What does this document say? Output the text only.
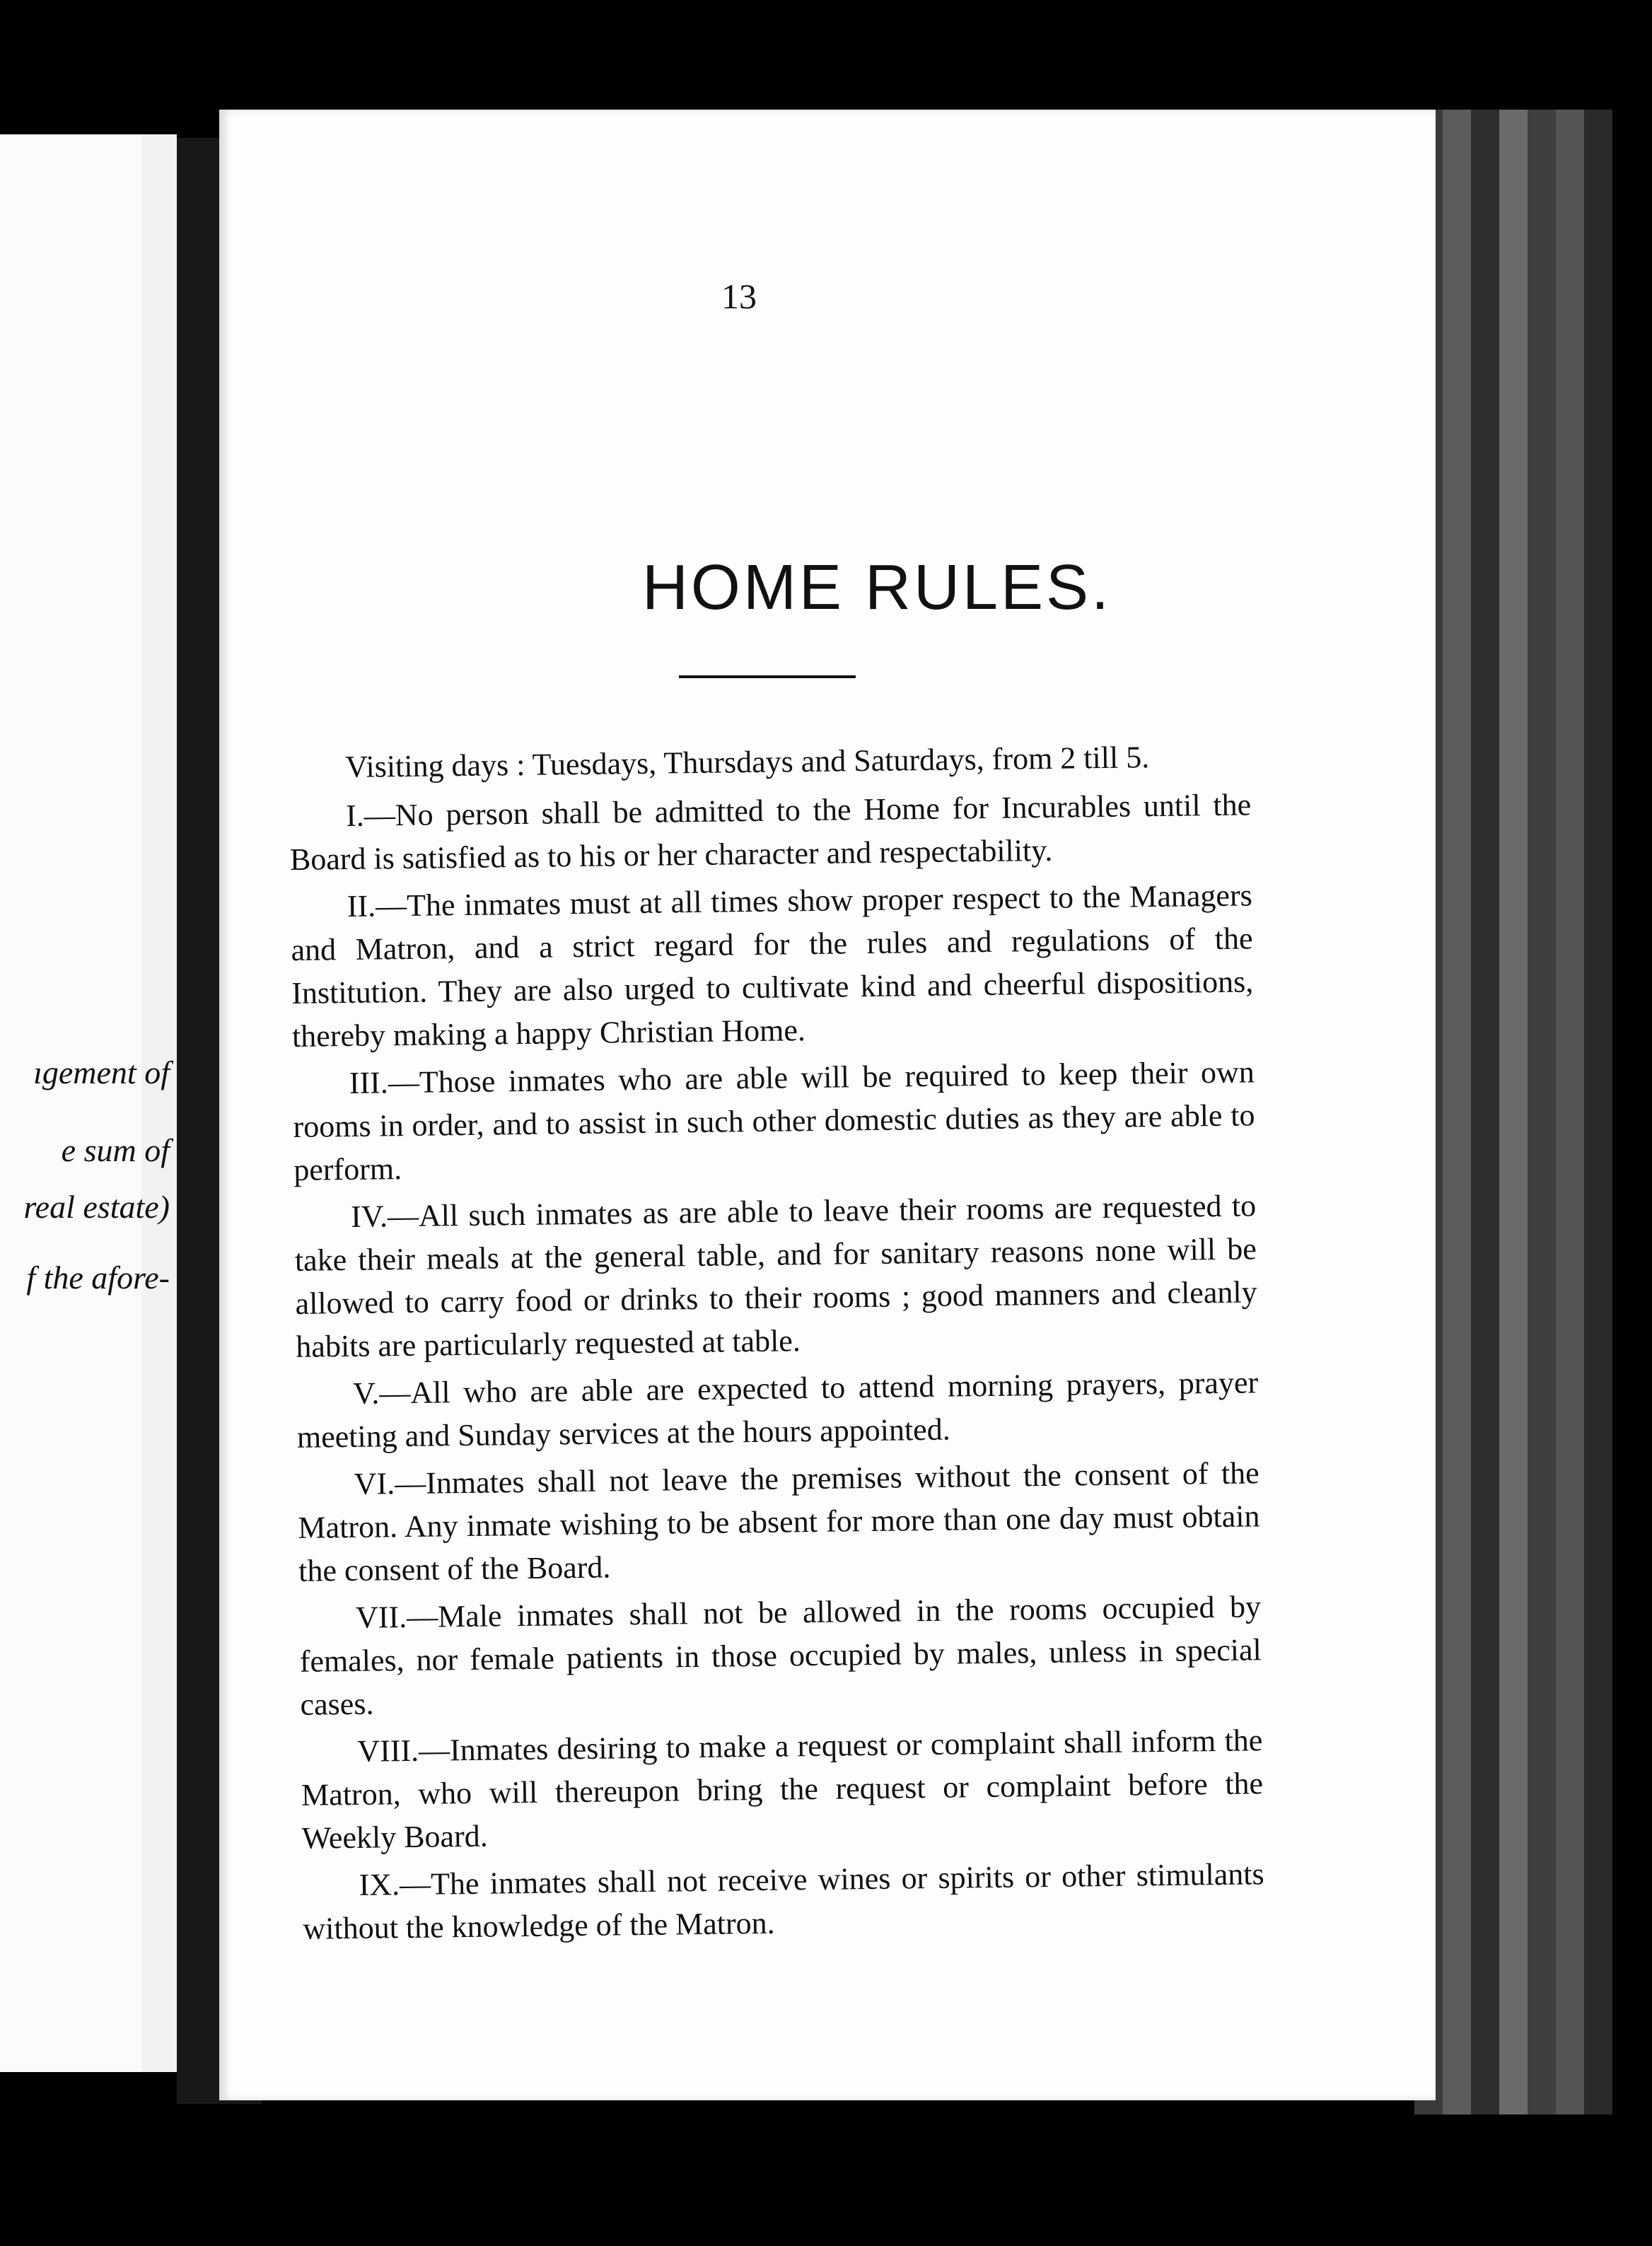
ıgement of
e sum of
real estate)
f the afore-
13
HOME RULES.

Visiting days : Tuesdays, Thursdays and Saturdays, from 2 till 5.

I.—No person shall be admitted to the Home for Incurables until the Board is satisfied as to his or her character and respectability.

II.—The inmates must at all times show proper respect to the Managers and Matron, and a strict regard for the rules and regulations of the Institution. They are also urged to cultivate kind and cheerful dispositions, thereby making a happy Christian Home.

III.—Those inmates who are able will be required to keep their own rooms in order, and to assist in such other domestic duties as they are able to perform.

IV.—All such inmates as are able to leave their rooms are requested to take their meals at the general table, and for sanitary reasons none will be allowed to carry food or drinks to their rooms ; good manners and cleanly habits are particularly requested at table.

V.—All who are able are expected to attend morning prayers, prayer meeting and Sunday services at the hours appointed.

VI.—Inmates shall not leave the premises without the consent of the Matron. Any inmate wishing to be absent for more than one day must obtain the consent of the Board.

VII.—Male inmates shall not be allowed in the rooms occupied by females, nor female patients in those occupied by males, unless in special cases.

VIII.—Inmates desiring to make a request or complaint shall inform the Matron, who will thereupon bring the request or complaint before the Weekly Board.

IX.—The inmates shall not receive wines or spirits or other stimulants without the knowledge of the Matron.
